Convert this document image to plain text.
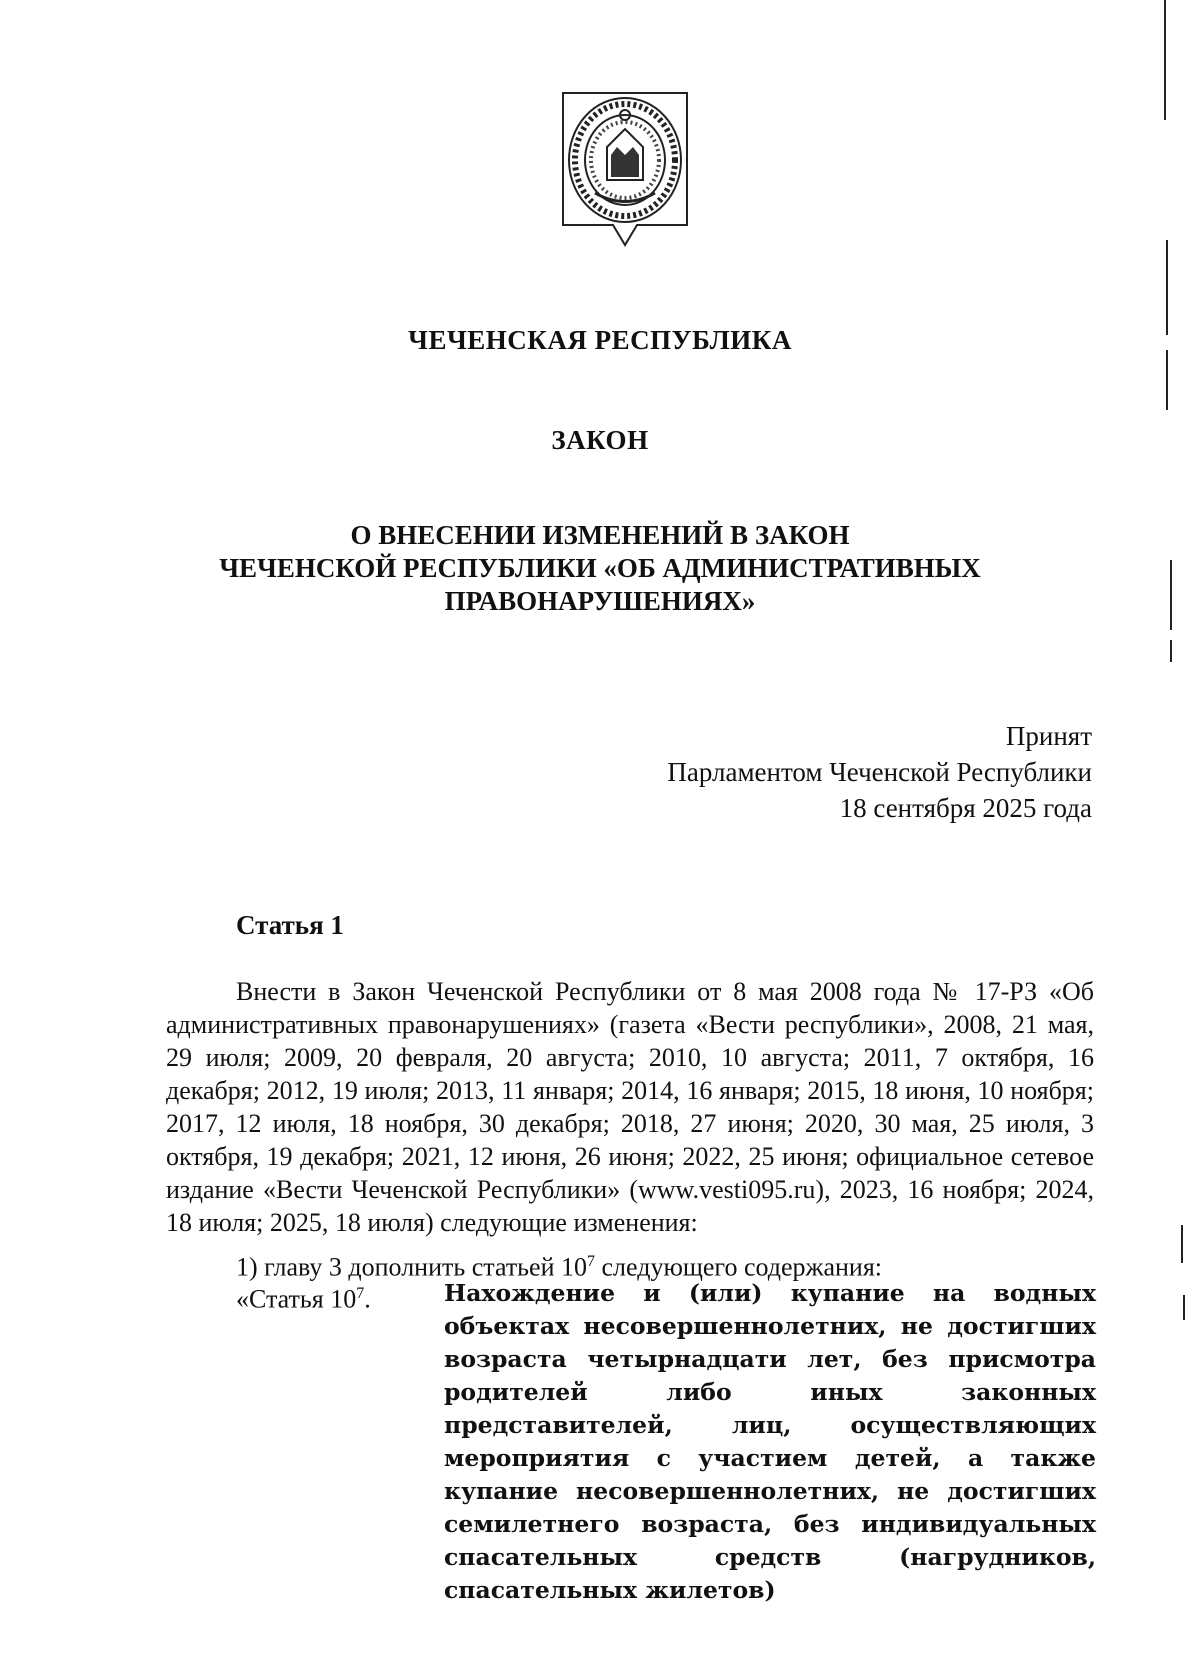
ЧЕЧЕНСКАЯ РЕСПУБЛИКА
ЗАКОН
О ВНЕСЕНИИ ИЗМЕНЕНИЙ В ЗАКОН
ЧЕЧЕНСКОЙ РЕСПУБЛИКИ «ОБ АДМИНИСТРАТИВНЫХ
ПРАВОНАРУШЕНИЯХ»
Принят
Парламентом Чеченской Республики
18 сентября 2025 года
Статья 1
Внести в Закон Чеченской Республики от 8 мая 2008 года № 17-РЗ «Об административных правонарушениях» (газета «Вести республики», 2008, 21 мая, 29 июля; 2009, 20 февраля, 20 августа; 2010, 10 августа; 2011, 7 октября, 16 декабря; 2012, 19 июля; 2013, 11 января; 2014, 16 января; 2015, 18 июня, 10 ноября; 2017, 12 июля, 18 ноября, 30 декабря; 2018, 27 июня; 2020, 30 мая, 25 июля, 3 октября, 19 декабря; 2021, 12 июня, 26 июня; 2022, 25 июня; официальное сетевое издание «Вести Чеченской Республики» (www.vesti095.ru), 2023, 16 ноября; 2024, 18 июля; 2025, 18 июля) следующие изменения:
1) главу 3 дополнить статьей $10^7$ следующего содержания:
«Статья $10^7$.	Нахождение и (или) купание на водных объектах несовершеннолетних, не достигших возраста четырнадцати лет, без присмотра родителей либо иных законных представителей, лиц, осуществляющих мероприятия с участием детей, а также купание несовершеннолетних, не достигших семилетнего возраста, без индивидуальных спасательных средств (нагрудников, спасательных жилетов)
